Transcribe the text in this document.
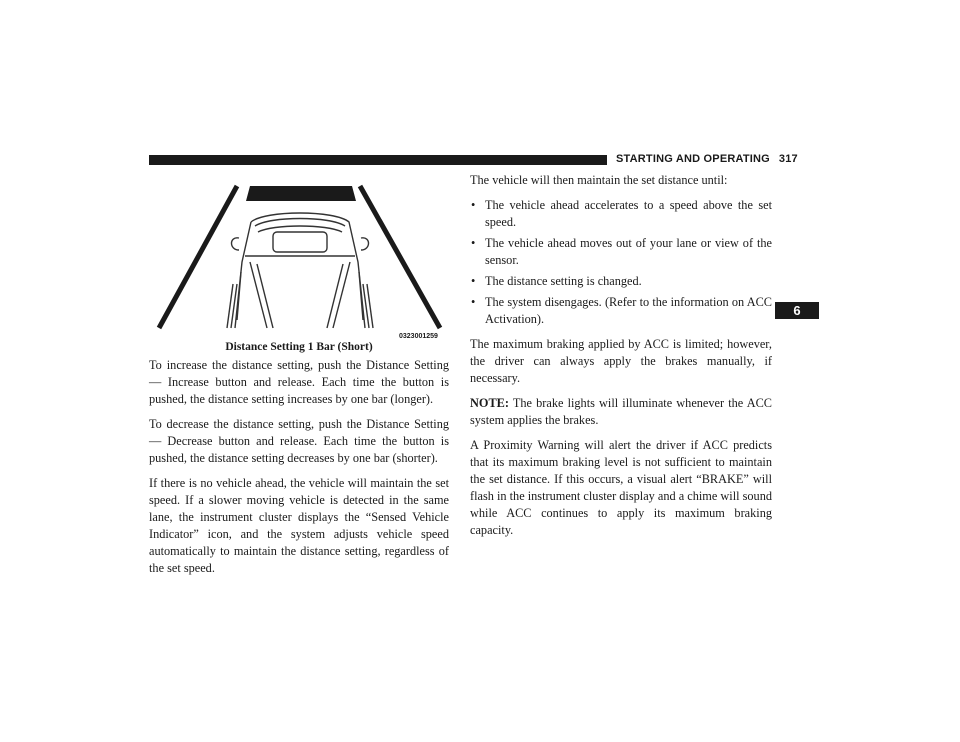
STARTING AND OPERATING 317
6
0323001259
Distance Setting 1 Bar (Short)

To increase the distance setting, push the Distance Setting — Increase button and release. Each time the button is pushed, the distance setting increases by one bar (longer).

To decrease the distance setting, push the Distance Setting — Decrease button and release. Each time the button is pushed, the distance setting decreases by one bar (shorter).

If there is no vehicle ahead, the vehicle will maintain the set speed. If a slower moving vehicle is detected in the same lane, the instrument cluster displays the “Sensed Vehicle Indicator” icon, and the system adjusts vehicle speed automatically to maintain the distance setting, regardless of the set speed.

The vehicle will then maintain the set distance until:

• The vehicle ahead accelerates to a speed above the set speed.
• The vehicle ahead moves out of your lane or view of the sensor.
• The distance setting is changed.
• The system disengages. (Refer to the information on ACC Activation).

The maximum braking applied by ACC is limited; however, the driver can always apply the brakes manually, if necessary.

NOTE: The brake lights will illuminate whenever the ACC system applies the brakes.

A Proximity Warning will alert the driver if ACC predicts that its maximum braking level is not sufficient to maintain the set distance. If this occurs, a visual alert “BRAKE” will flash in the instrument cluster display and a chime will sound while ACC continues to apply its maximum braking capacity.
